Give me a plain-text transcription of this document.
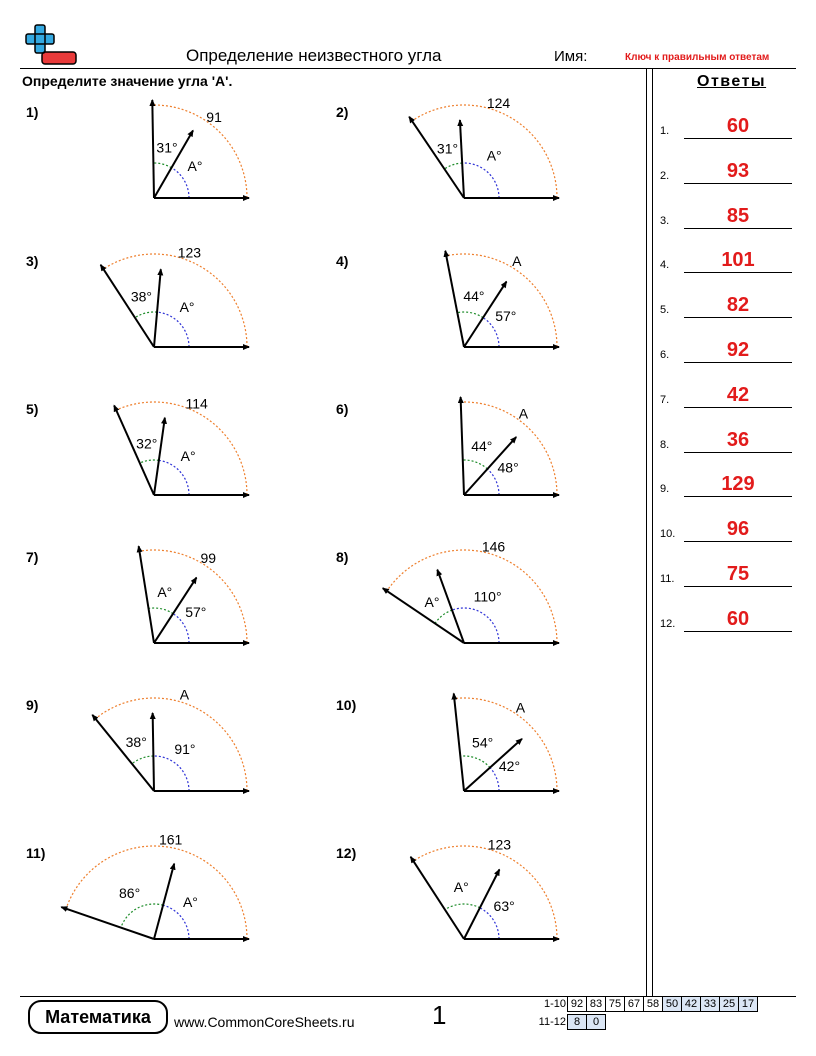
Определение неизвестного угла	Имя:	Ключ к правильным ответам
Определите значение угла 'A'.	Ответы
1.	60
2.	93
3.	85
4.	101
5.	82
6.	92
7.	42
8.	36
9.	129
10.	96
11.	75
12.	60
1)	91
31°
A°
2)
124
31° A°
3)
123
38°
A°
4)	A
44°
57°
5)	114
32°
A°
6)	A
44°
48°
7)	99
A°
57°
8)
146
A° 110°
9)
A
38° 91°
10)	A
54°
42°
11)
161
86°
A°
12)
123
A°
63°
Математика	www.CommonCoreSheets.ru	1	1-10 92 83 75 67 58 50 42 33 25 17
11-12 8	0
